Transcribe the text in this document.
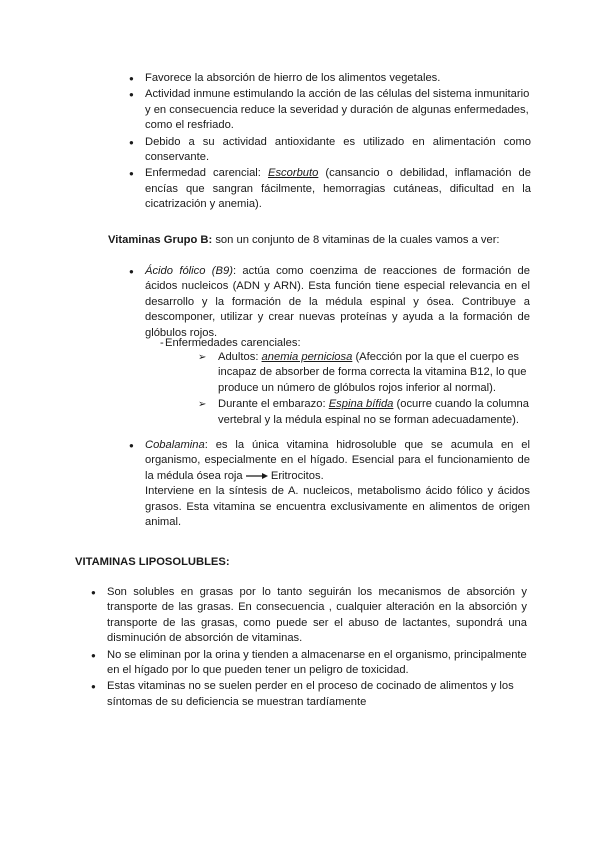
● Favorece la absorción de hierro de los alimentos vegetales.
● Actividad inmune estimulando la acción de las células del sistema inmunitario y en consecuencia reduce la severidad y duración de algunas enfermedades, como el resfriado.
● Debido a su actividad antioxidante es utilizado en alimentación como conservante.
● Enfermedad carencial: Escorbuto (cansancio o debilidad, inflamación de encías que sangran fácilmente, hemorragias cutáneas, dificultad en la cicatrización y anemia).
Vitaminas Grupo B: son un conjunto de 8 vitaminas de la cuales vamos a ver:
● Ácido fólico (B9): actúa como coenzima de reacciones de formación de ácidos nucleicos (ADN y ARN). Esta función tiene especial relevancia en el desarrollo y la formación de la médula espinal y ósea. Contribuye a descomponer, utilizar y crear nuevas proteínas y ayuda a la formación de glóbulos rojos.
- Enfermedades carenciales:
➢ Adultos: anemia perniciosa (Afección por la que el cuerpo es incapaz de absorber de forma correcta la vitamina B12, lo que produce un número de glóbulos rojos inferior al normal).
➢ Durante el embarazo: Espina bífida (ocurre cuando la columna vertebral y la médula espinal no se forman adecuadamente).
● Cobalamina: es la única vitamina hidrosoluble que se acumula en el organismo, especialmente en el hígado. Esencial para el funcionamiento de la médula ósea roja  Eritrocitos.
Interviene en la síntesis de A. nucleicos, metabolismo ácido fólico y ácidos grasos. Esta vitamina se encuentra exclusivamente en alimentos de origen animal.
VITAMINAS LIPOSOLUBLES:
● Son solubles en grasas por lo tanto seguirán los mecanismos de absorción y transporte de las grasas. En consecuencia , cualquier alteración en la absorción y transporte de las grasas, como puede ser el abuso de lactantes, supondrá una disminución de absorción de vitaminas.
● No se eliminan por la orina y tienden a almacenarse en el organismo, principalmente en el hígado por lo que pueden tener un peligro de toxicidad.
● Estas vitaminas no se suelen perder en el proceso de cocinado de alimentos y los síntomas de su deficiencia se muestran tardíamente
